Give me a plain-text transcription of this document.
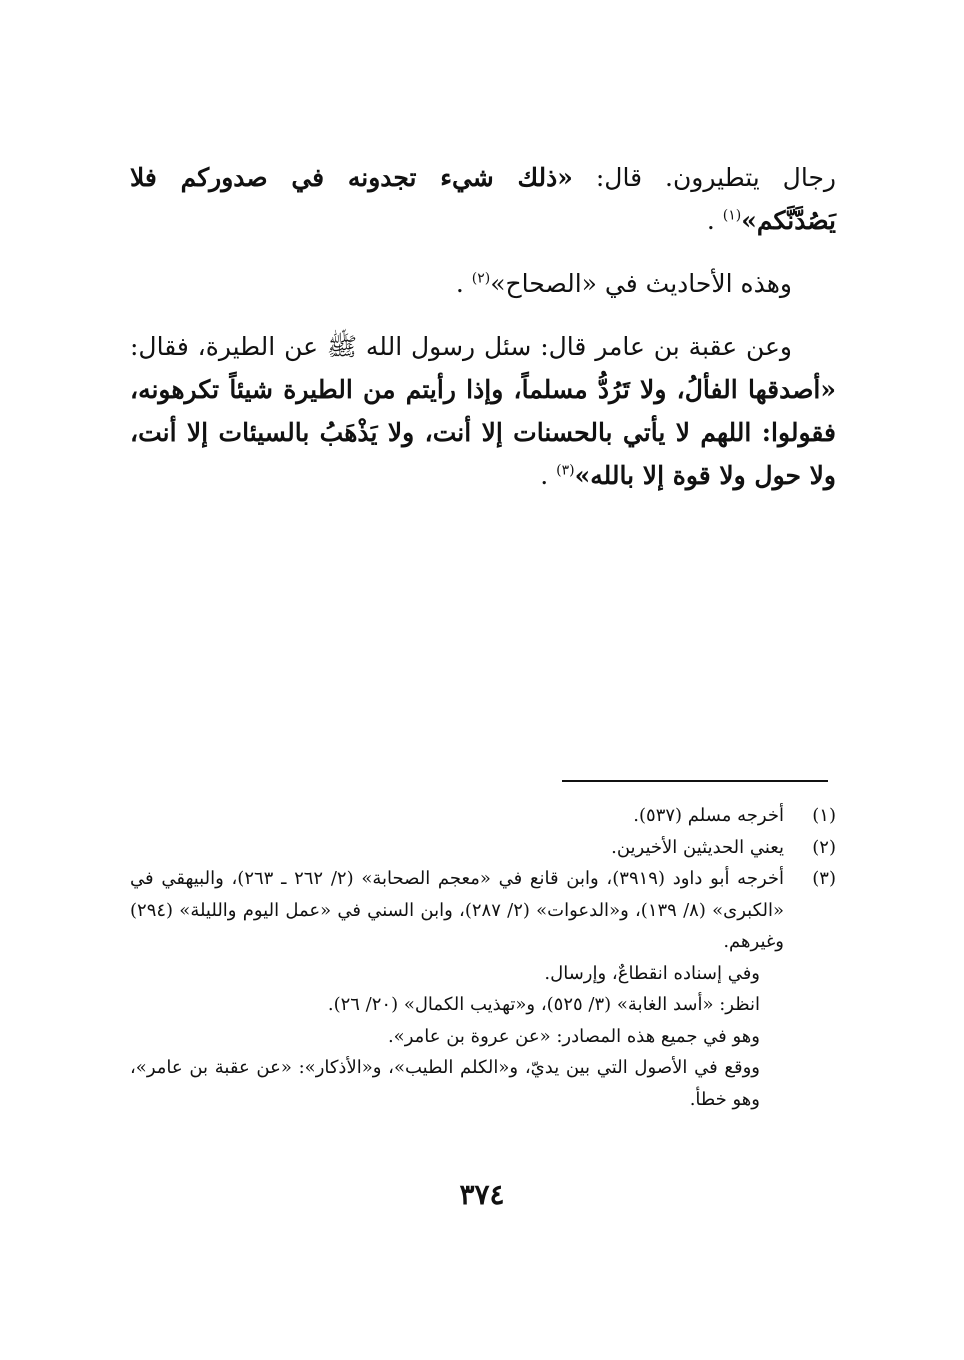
رجال يتطيرون. قال: «ذلك شيء تجدونه في صدوركم فلا يَصُدَّنَّكم»$^{(١)}$ .
وهذه الأحاديث في «الصحاح»$^{(٢)}$ .
وعن عقبة بن عامر قال: سئل رسول الله ﷺ عن الطيرة، فقال: «أصدقها الفألُ، ولا تَرُدُّ مسلماً، وإذا رأيتم من الطيرة شيئاً تكرهونه، فقولوا: اللهم لا يأتي بالحسنات إلا أنت، ولا يَذْهَبُ بالسيئات إلا أنت، ولا حول ولا قوة إلا بالله»$^{(٣)}$ .
(١)
أخرجه مسلم (٥٣٧).
(٢)
يعني الحديثين الأخيرين.
(٣)
أخرجه أبو داود (٣٩١٩)، وابن قانع في «معجم الصحابة» (٢/ ٢٦٢ ـ ٢٦٣)، والبيهقي في «الكبرى» (٨/ ١٣٩)، و«الدعوات» (٢/ ٢٨٧)، وابن السني في «عمل اليوم والليلة» (٢٩٤) وغيرهم.
وفي إسناده انقطاعٌ، وإرسال.
انظر: «أسد الغابة» (٣/ ٥٢٥)، و«تهذيب الكمال» (٢٠/ ٢٦).
وهو في جميع هذه المصادر: «عن عروة بن عامر».
ووقع في الأصول التي بين يديّ، و«الكلم الطيب»، و«الأذكار»: «عن عقبة بن عامر»، وهو خطأ.
٣٧٤
